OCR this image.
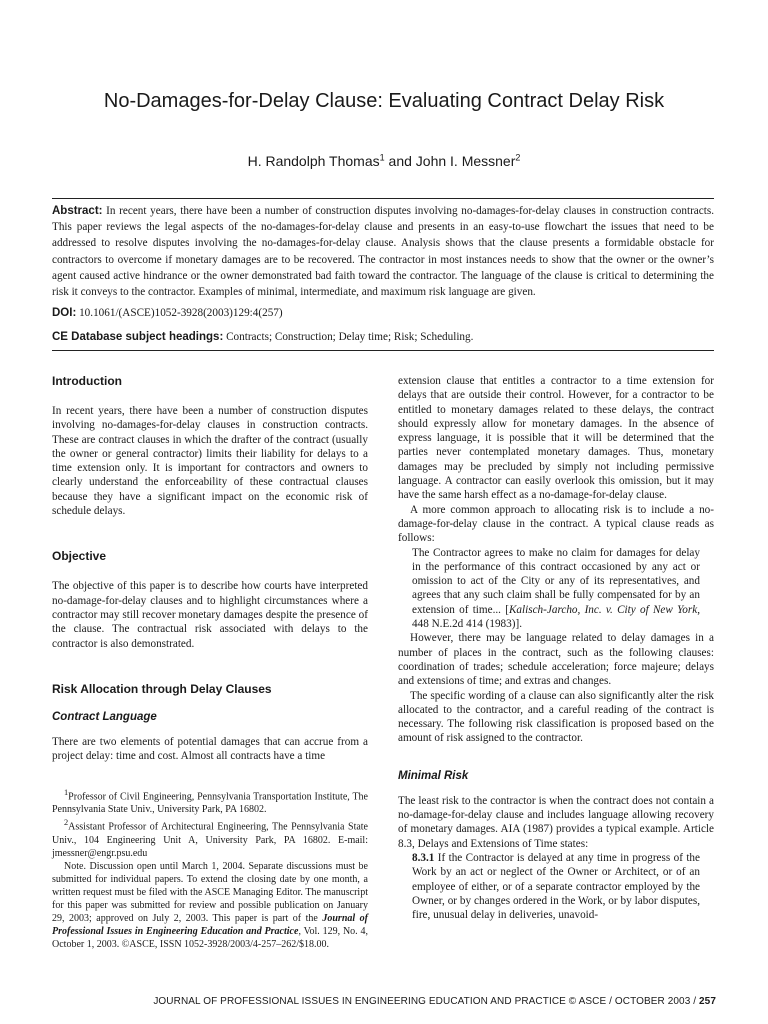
No-Damages-for-Delay Clause: Evaluating Contract Delay Risk
H. Randolph Thomas$^1$ and John I. Messner$^2$
Abstract: In recent years, there have been a number of construction disputes involving no-damages-for-delay clauses in construction contracts. This paper reviews the legal aspects of the no-damages-for-delay clause and presents in an easy-to-use flowchart the issues that need to be addressed to resolve disputes involving the no-damages-for-delay clause. Analysis shows that the clause presents a formidable obstacle for contractors to overcome if monetary damages are to be recovered. The contractor in most instances needs to show that the owner or the owner’s agent caused active hindrance or the owner demonstrated bad faith toward the contractor. The language of the clause is critical to determining the risk it conveys to the contractor. Examples of minimal, intermediate, and maximum risk language are given.
DOI: 10.1061/(ASCE)1052-3928(2003)129:4(257)
CE Database subject headings: Contracts; Construction; Delay time; Risk; Scheduling.
Introduction

In recent years, there have been a number of construction disputes involving no-damages-for-delay clauses in construction contracts. These are contract clauses in which the drafter of the contract (usually the owner or general contractor) limits their liability for delays to a time extension only. It is important for contractors and owners to clearly understand the enforceability of these contractual clauses because they have a significant impact on the economic risk of schedule delays.

Objective

The objective of this paper is to describe how courts have interpreted no-damage-for-delay clauses and to highlight circumstances where a contractor may still recover monetary damages despite the presence of the clause. The contractual risk associated with delays to the contractor is also demonstrated.

Risk Allocation through Delay Clauses
Contract Language

There are two elements of potential damages that can accrue from a project delay: time and cost. Almost all contracts have a time

$^1$Professor of Civil Engineering, Pennsylvania Transportation Institute, The Pennsylvania State Univ., University Park, PA 16802.

$^2$Assistant Professor of Architectural Engineering, The Pennsylvania State Univ., 104 Engineering Unit A, University Park, PA 16802. E-mail: jmessner@engr.psu.edu

Note. Discussion open until March 1, 2004. Separate discussions must be submitted for individual papers. To extend the closing date by one month, a written request must be filed with the ASCE Managing Editor. The manuscript for this paper was submitted for review and possible publication on January 29, 2003; approved on July 2, 2003. This paper is part of the Journal of Professional Issues in Engineering Education and Practice, Vol. 129, No. 4, October 1, 2003. ©ASCE, ISSN 1052-3928/2003/4-257–262/$18.00.

extension clause that entitles a contractor to a time extension for delays that are outside their control. However, for a contractor to be entitled to monetary damages related to these delays, the contract should expressly allow for monetary damages. In the absence of express language, it is possible that it will be determined that the parties never contemplated monetary damages. Thus, monetary damages may be precluded by simply not including permissive language. A contractor can easily overlook this omission, but it may have the same harsh effect as a no-damage-for-delay clause.

A more common approach to allocating risk is to include a no-damage-for-delay clause in the contract. A typical clause reads as follows:

The Contractor agrees to make no claim for damages for delay in the performance of this contract occasioned by any act or omission to act of the City or any of its representatives, and agrees that any such claim shall be fully compensated for by an extension of time... [Kalisch-Jarcho, Inc. v. City of New York, 448 N.E.2d 414 (1983)].

However, there may be language related to delay damages in a number of places in the contract, such as the following clauses: coordination of trades; schedule acceleration; force majeure; delays and extensions of time; and extras and changes.

The specific wording of a clause can also significantly alter the risk allocated to the contractor, and a careful reading of the contract is necessary. The following risk classification is proposed based on the amount of risk assigned to the contractor.

Minimal Risk

The least risk to the contractor is when the contract does not contain a no-damage-for-delay clause and includes language allowing recovery of monetary damages. AIA (1987) provides a typical example. Article 8.3, Delays and Extensions of Time states:

8.3.1 If the Contractor is delayed at any time in progress of the Work by an act or neglect of the Owner or Architect, or of an employee of either, or of a separate contractor employed by the Owner, or by changes ordered in the Work, or by labor disputes, fire, unusual delay in deliveries, unavoid-

JOURNAL OF PROFESSIONAL ISSUES IN ENGINEERING EDUCATION AND PRACTICE © ASCE / OCTOBER 2003 / 257
